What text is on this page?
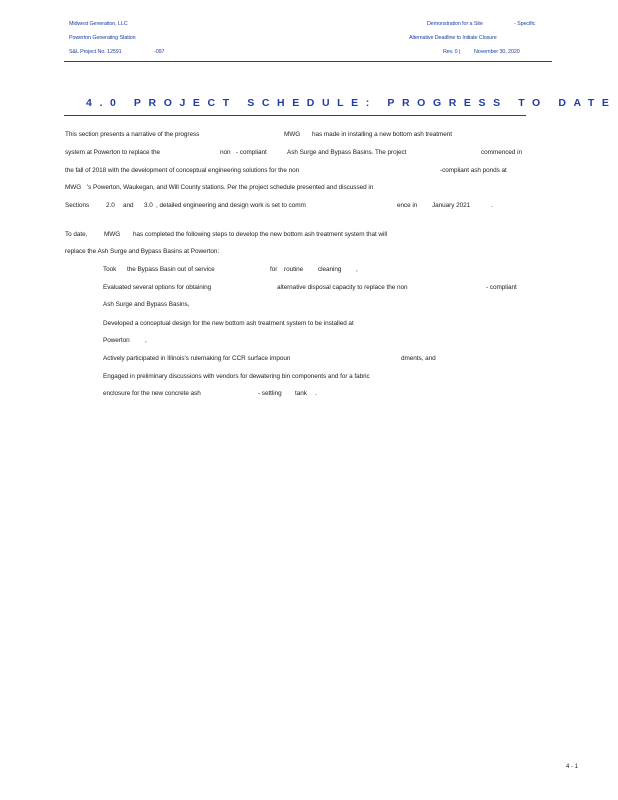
Midwest Generation, LLC
Powerton Generating Station
S&L Project No. 12591	-097
Demonstration for a Site	- Specific
Alternative Deadline to Initiate Closure
Rev. 0 |	November 30, 2020
4.0 PROJECT SCHEDULE: PROGRESS TO DATE
This section presents a narrative of the progress	MWG has made in installing a new bottom ash treatment
system at Powerton to replace the	non - compliant	Ash Surge and Bypass Basins. The project	commenced in
the fall of 2018 with the development of conceptual engineering solutions for the non	-compliant ash ponds at
MWG 's Powerton, Waukegan, and Will County stations. Per the project schedule presented and discussed in
Sections	2.0 and 3.0 , detailed engineering and design work is set to comm	ence in January 2021	.
To date,	MWG has completed the following steps to develop the new bottom ash treatment system that will
replace the Ash Surge and Bypass Basins at Powerton:
Took the Bypass Basin out of service	for routine cleaning ,
Evaluated several options for obtaining	alternative disposal capacity to replace the non	- compliant
Ash Surge and Bypass Basins,
Developed a conceptual design for the new bottom ash treatment system to be installed at
Powerton ,
Actively participated in Illinois's rulemaking for CCR surface impoun	dments, and
Engaged in preliminary discussions with vendors for dewatering bin components and for a fabric
enclosure for the new concrete ash	- settling tank .
4 - 1
